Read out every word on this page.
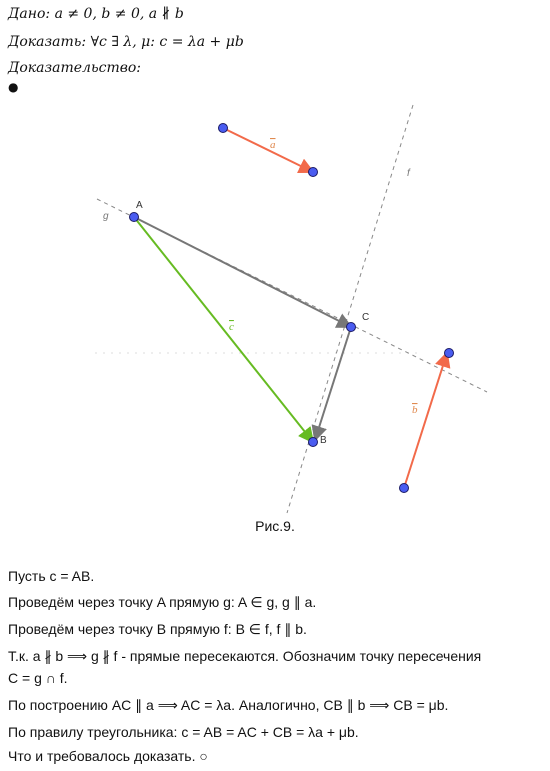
Дано: a ≠ 0, b ≠ 0, a ∦ b
Доказать: ∀c ∃ λ, μ: c = λa + μb
Доказательство:
●
A
B
C
g
f
a
b
c
Рис.9.
Пусть c = AB.
Проведём через точку A прямую g: A ∈ g, g ∥ a.
Проведём через точку B прямую f: B ∈ f, f ∥ b.
Т.к. a ∦ b ⟹ g ∦ f - прямые пересекаются. Обозначим точку пересечения
C = g ∩ f.
По построению AC ∥ a ⟹ AC = λa. Аналогично, CB ∥ b ⟹ CB = μb.
По правилу треугольника: c = AB = AC + CB = λa + μb.
Что и требовалось доказать. ○
